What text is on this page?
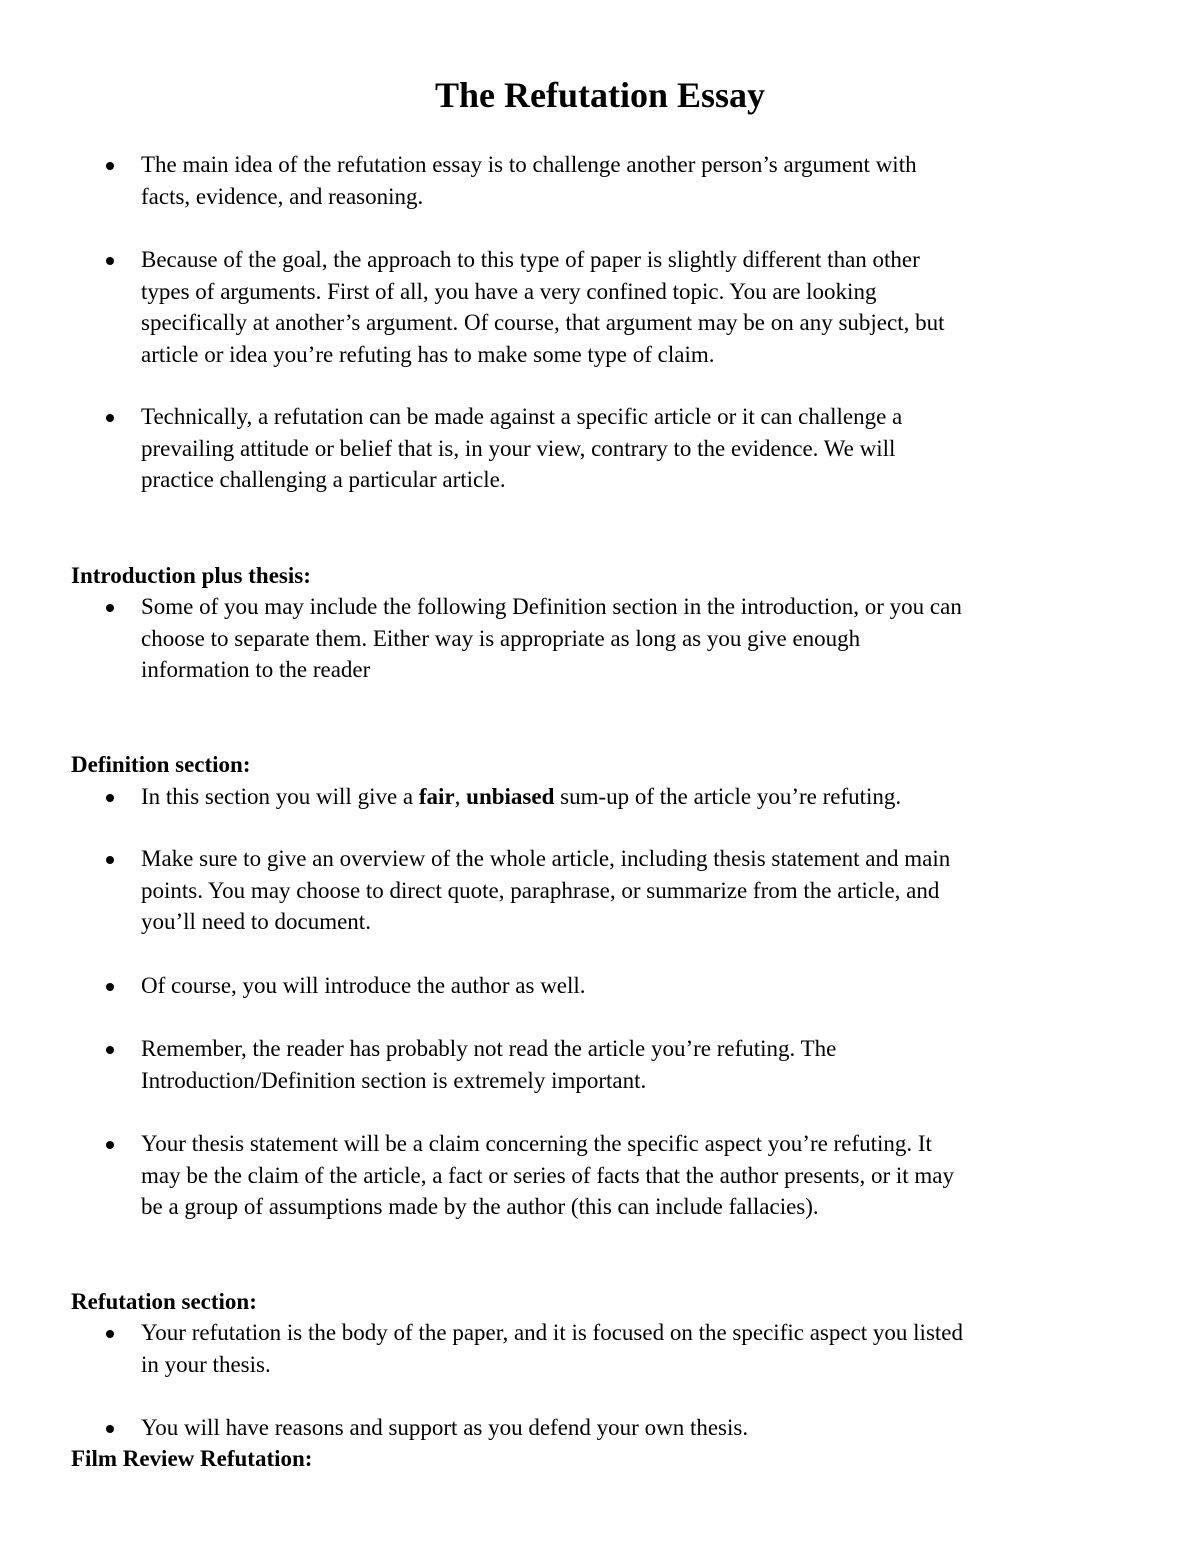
The Refutation Essay
The main idea of the refutation essay is to challenge another person’s argument with
facts, evidence, and reasoning.
Because of the goal, the approach to this type of paper is slightly different than other
types of arguments. First of all, you have a very confined topic. You are looking
specifically at another’s argument. Of course, that argument may be on any subject, but
article or idea you’re refuting has to make some type of claim.
Technically, a refutation can be made against a specific article or it can challenge a
prevailing attitude or belief that is, in your view, contrary to the evidence. We will
practice challenging a particular article.
Introduction plus thesis:
Some of you may include the following Definition section in the introduction, or you can
choose to separate them. Either way is appropriate as long as you give enough
information to the reader
Definition section:
In this section you will give a fair, unbiased sum-up of the article you’re refuting.
Make sure to give an overview of the whole article, including thesis statement and main
points. You may choose to direct quote, paraphrase, or summarize from the article, and
you’ll need to document.
Of course, you will introduce the author as well.
Remember, the reader has probably not read the article you’re refuting. The
Introduction/Definition section is extremely important.
Your thesis statement will be a claim concerning the specific aspect you’re refuting. It
may be the claim of the article, a fact or series of facts that the author presents, or it may
be a group of assumptions made by the author (this can include fallacies).
Refutation section:
Your refutation is the body of the paper, and it is focused on the specific aspect you listed
in your thesis.
You will have reasons and support as you defend your own thesis.
Film Review Refutation:
